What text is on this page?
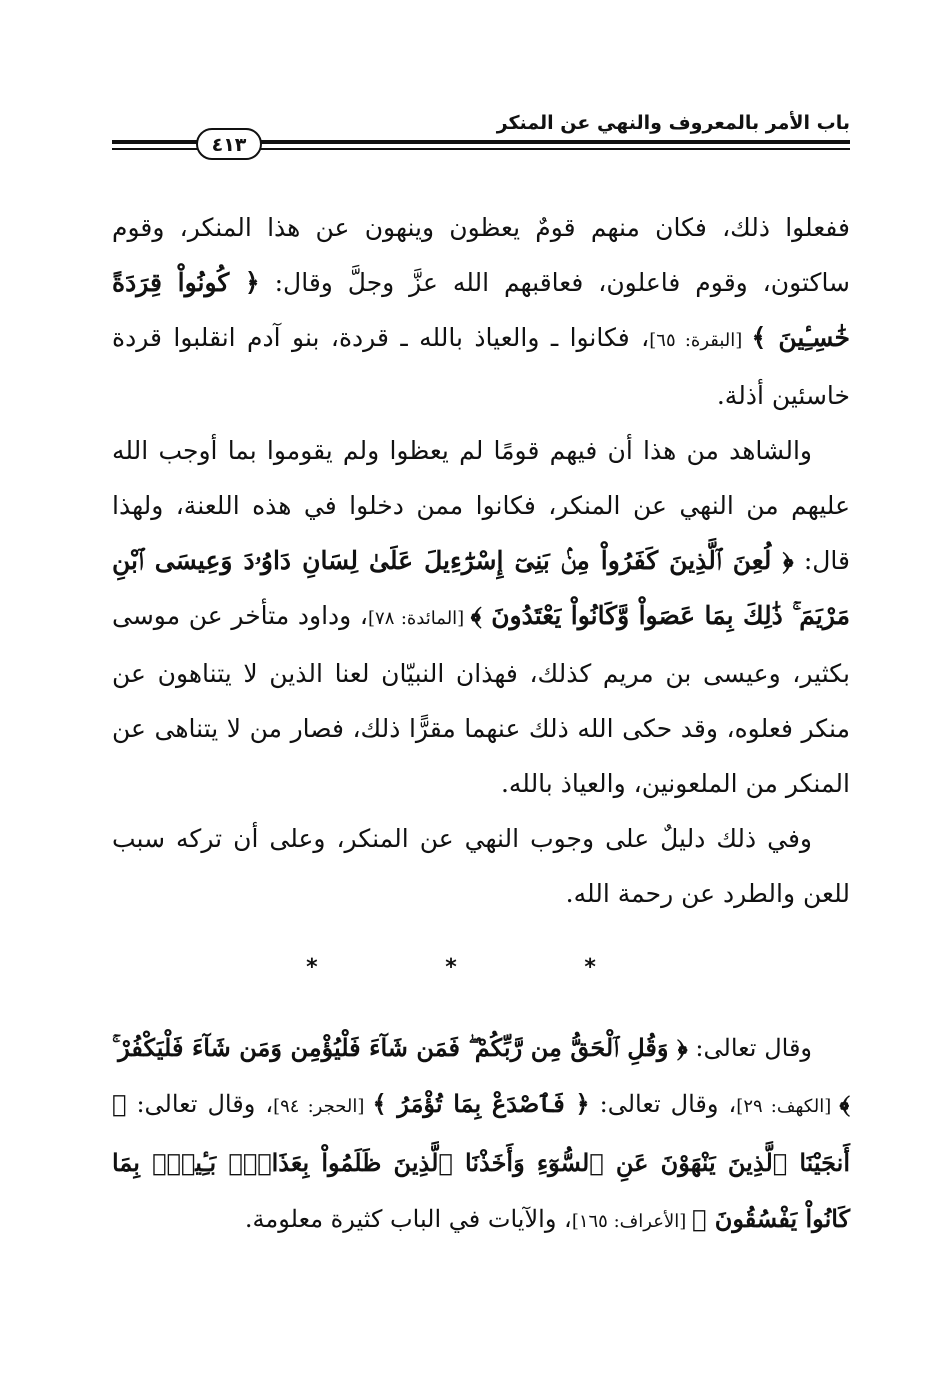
باب الأمر بالمعروف والنهي عن المنكر
٤١٣

ففعلوا ذلك، فكان منهم قومٌ يعظون وينهون عن هذا المنكر، وقوم ساكتون، وقوم فاعلون، فعاقبهم الله عزَّ وجلَّ وقال: ﴿ كُونُواْ قِرَدَةً خَٰسِـِٔينَ ﴾ [البقرة: ٦٥]، فكانوا ـ والعياذ بالله ـ قردة، بنو آدم انقلبوا قردة خاسئين أذلة.

والشاهد من هذا أن فيهم قومًا لم يعظوا ولم يقوموا بما أوجب الله عليهم من النهي عن المنكر، فكانوا ممن دخلوا في هذه اللعنة، ولهذا قال: ﴿ لُعِنَ ٱلَّذِينَ كَفَرُواْ مِنۢ بَنِىٓ إِسْرَٰٓءِيلَ عَلَىٰ لِسَانِ دَاوُۥدَ وَعِيسَى ٱبْنِ مَرْيَمَ ۚ ذَٰلِكَ بِمَا عَصَواْ وَّكَانُواْ يَعْتَدُونَ ﴾ [المائدة: ٧٨]، وداود متأخر عن موسى بكثير، وعيسى بن مريم كذلك، فهذان النبيّان لعنا الذين لا يتناهون عن منكر فعلوه، وقد حكى الله ذلك عنهما مقرًّا ذلك، فصار من لا يتناهى عن المنكر من الملعونين، والعياذ بالله.

وفي ذلك دليلٌ على وجوب النهي عن المنكر، وعلى أن تركه سبب للعن والطرد عن رحمة الله.

* * *

وقال تعالى: ﴿ وَقُلِ ٱلْحَقُّ مِن رَّبِّكُمْ ۖ فَمَن شَآءَ فَلْيُؤْمِن وَمَن شَآءَ فَلْيَكْفُرْ ۚ ﴾ [الكهف: ٢٩]، وقال تعالى: ﴿ فَٱصْدَعْ بِمَا تُؤْمَرُ ﴾ [الحجر: ٩٤]، وقال تعالى: ﴿ أَنجَيْنَا ٱلَّذِينَ يَنْهَوْنَ عَنِ ٱلسُّوٓءِ وَأَخَذْنَا ٱلَّذِينَ ظَلَمُواْ بِعَذَابٍۭ بَـِٔيسٍۭ بِمَا كَانُواْ يَفْسُقُونَ ﴾ [الأعراف: ١٦٥]، والآيات في الباب كثيرة معلومة.
